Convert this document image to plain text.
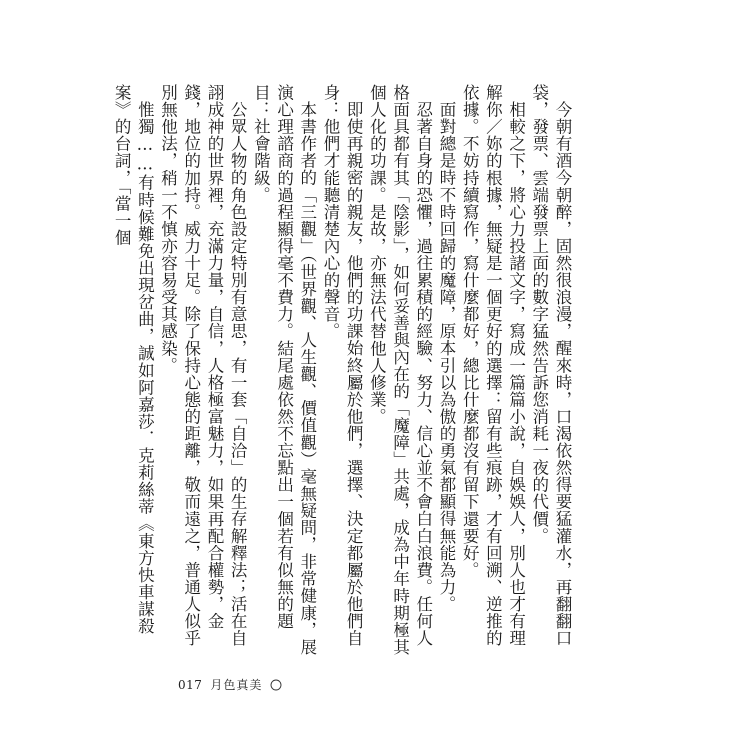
今朝有酒今朝醉，固然很浪漫，醒來時，口渴依然得要猛灌水，再翻翻口袋，發票、雲端發票上面的數字猛然告訴您消耗一夜的代價。

相較之下，將心力投諸文字，寫成一篇篇小說，自娛娛人，別人也才有理解你／妳的根據，無疑是一個更好的選擇：留有些痕跡，才有回溯、逆推的依據。不妨持續寫作，寫什麼都好，總比什麼都沒有留下還要好。

面對總是時不時回歸的魔障，原本引以為傲的勇氣都顯得無能為力。

忍著自身的恐懼，過往累積的經驗、努力、信心並不會白白浪費。任何人格面具都有其「陰影」，如何妥善與內在的「魔障」共處，成為中年時期極其個人化的功課。是故，亦無法代替他人修業。

即使再親密的親友，他們的功課始終屬於他們，選擇、決定都屬於他們自身：他們才能聽清楚內心的聲音。

本書作者的「三觀」（世界觀、人生觀、價值觀）毫無疑問，非常健康，展演心理諮商的過程顯得毫不費力。結尾處依然不忘點出一個若有似無的題目：社會階級。

公眾人物的角色設定特別有意思，有一套「自洽」的生存解釋法；活在自詡成神的世界裡，充滿力量，自信，人格極富魅力，如果再配合權勢，金錢，地位的加持。威力十足。除了保持心態的距離，敬而遠之，普通人似乎別無他法，稍一不慎亦容易受其感染。

惟獨……有時候難免出現岔曲，誠如阿嘉莎．克莉絲蒂《東方快車謀殺案》的台詞，「當一個

017 月色真美
